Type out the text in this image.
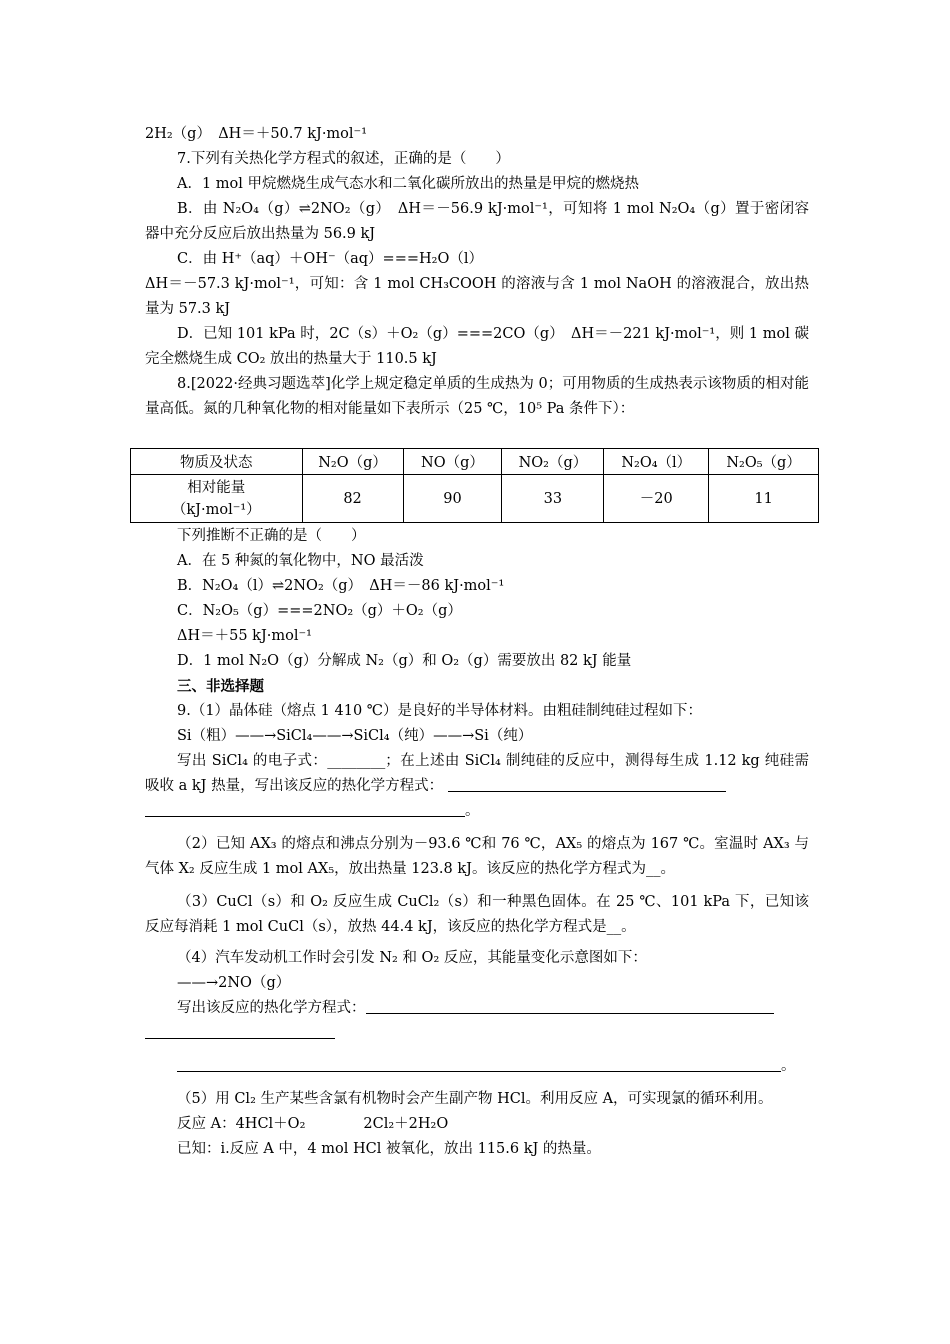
2H₂（g）　ΔH＝＋50.7 kJ·mol⁻¹
7.下列有关热化学方程式的叙述，正确的是（　　）
A．1 mol 甲烷燃烧生成气态水和二氧化碳所放出的热量是甲烷的燃烧热
B．由 N₂O₄（g）⇌2NO₂（g）　ΔH＝－56.9 kJ·mol⁻¹，可知将 1 mol N₂O₄（g）置于密闭容器中充分反应后放出热量为 56.9 kJ
C．由 H⁺（aq）＋OH⁻（aq）===H₂O（l）
ΔH＝－57.3 kJ·mol⁻¹，可知：含 1 mol CH₃COOH 的溶液与含 1 mol NaOH 的溶液混合，放出热量为 57.3 kJ
D．已知 101 kPa 时，2C（s）＋O₂（g）===2CO（g）　ΔH＝－221 kJ·mol⁻¹，则 1 mol 碳完全燃烧生成 CO₂ 放出的热量大于 110.5 kJ
8.[2022·经典习题选萃]化学上规定稳定单质的生成热为 0；可用物质的生成热表示该物质的相对能量高低。氮的几种氧化物的相对能量如下表所示（25 ℃，10⁵ Pa 条件下）：
物质及状态	N₂O（g）	NO（g）	NO₂（g）	N₂O₄（l）	N₂O₅（g）

相对能量
（kJ·mol⁻¹）	82	90	33	－20	11
下列推断不正确的是（　　）
A．在 5 种氮的氧化物中，NO 最活泼
B．N₂O₄（l）⇌2NO₂（g）　ΔH＝－86 kJ·mol⁻¹
C．N₂O₅（g）===2NO₂（g）＋O₂（g）
ΔH＝＋55 kJ·mol⁻¹
D．1 mol N₂O（g）分解成 N₂（g）和 O₂（g）需要放出 82 kJ 能量
三、非选择题
9.（1）晶体硅（熔点 1 410 ℃）是良好的半导体材料。由粗硅制纯硅过程如下：
Si（粗）——→SiCl₄——→SiCl₄（纯）——→Si（纯）
写出 SiCl₄ 的电子式：________；在上述由 SiCl₄ 制纯硅的反应中，测得每生成 1.12 kg 纯硅需吸收 a kJ 热量，写出该反应的热化学方程式：
。
（2）已知 AX₃ 的熔点和沸点分别为－93.6 ℃和 76 ℃，AX₅ 的熔点为 167 ℃。室温时 AX₃ 与气体 X₂ 反应生成 1 mol AX₅，放出热量 123.8 kJ。该反应的热化学方程式为__。
（3）CuCl（s）和 O₂ 反应生成 CuCl₂（s）和一种黑色固体。在 25 ℃、101 kPa 下，已知该反应每消耗 1 mol CuCl（s），放热 44.4 kJ，该反应的热化学方程式是__。
（4）汽车发动机工作时会引发 N₂ 和 O₂ 反应，其能量变化示意图如下：
——→2NO（g）
写出该反应的热化学方程式：
。
（5）用 Cl₂ 生产某些含氯有机物时会产生副产物 HCl。利用反应 A，可实现氯的循环利用。
反应 A：4HCl＋O₂　　　　2Cl₂＋2H₂O
已知：ⅰ.反应 A 中，4 mol HCl 被氧化，放出 115.6 kJ 的热量。
